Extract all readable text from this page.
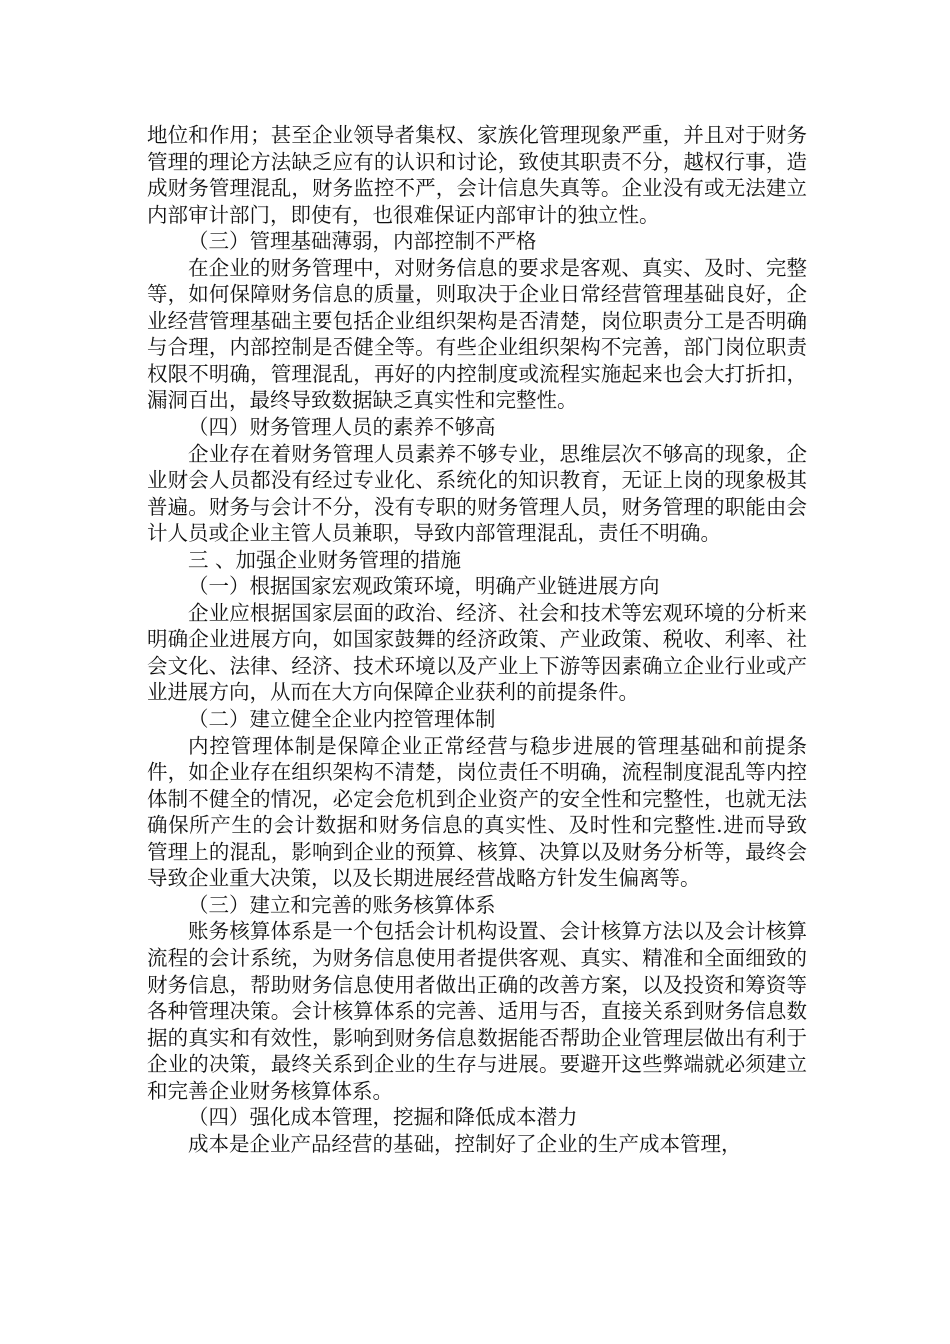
地位和作用；甚至企业领导者集权、家族化管理现象严重，并且对于财务管理的理论方法缺乏应有的认识和讨论，致使其职责不分，越权行事，造成财务管理混乱，财务监控不严，会计信息失真等。企业没有或无法建立内部审计部门，即使有，也很难保证内部审计的独立性。

（三）管理基础薄弱，内部控制不严格

在企业的财务管理中，对财务信息的要求是客观、真实、及时、完整等，如何保障财务信息的质量，则取决于企业日常经营管理基础良好，企业经营管理基础主要包括企业组织架构是否清楚，岗位职责分工是否明确与合理，内部控制是否健全等。有些企业组织架构不完善，部门岗位职责权限不明确，管理混乱，再好的内控制度或流程实施起来也会大打折扣，漏洞百出，最终导致数据缺乏真实性和完整性。

（四）财务管理人员的素养不够高

企业存在着财务管理人员素养不够专业，思维层次不够高的现象，企业财会人员都没有经过专业化、系统化的知识教育，无证上岗的现象极其普遍。财务与会计不分，没有专职的财务管理人员，财务管理的职能由会计人员或企业主管人员兼职，导致内部管理混乱，责任不明确。

三 、加强企业财务管理的措施

（一）根据国家宏观政策环境，明确产业链进展方向

企业应根据国家层面的政治、经济、社会和技术等宏观环境的分析来明确企业进展方向，如国家鼓舞的经济政策、产业政策、税收、利率、社会文化、法律、经济、技术环境以及产业上下游等因素确立企业行业或产业进展方向，从而在大方向保障企业获利的前提条件。

（二）建立健全企业内控管理体制

内控管理体制是保障企业正常经营与稳步进展的管理基础和前提条件，如企业存在组织架构不清楚，岗位责任不明确，流程制度混乱等内控体制不健全的情况，必定会危机到企业资产的安全性和完整性，也就无法确保所产生的会计数据和财务信息的真实性、及时性和完整性.进而导致管理上的混乱，影响到企业的预算、核算、决算以及财务分析等，最终会导致企业重大决策，以及长期进展经营战略方针发生偏离等。

（三）建立和完善的账务核算体系

账务核算体系是一个包括会计机构设置、会计核算方法以及会计核算流程的会计系统，为财务信息使用者提供客观、真实、精准和全面细致的财务信息，帮助财务信息使用者做出正确的改善方案，以及投资和筹资等各种管理决策。会计核算体系的完善、适用与否，直接关系到财务信息数据的真实和有效性，影响到财务信息数据能否帮助企业管理层做出有利于企业的决策，最终关系到企业的生存与进展。要避开这些弊端就必须建立和完善企业财务核算体系。

（四）强化成本管理，挖掘和降低成本潜力

成本是企业产品经营的基础，控制好了企业的生产成本管理，
